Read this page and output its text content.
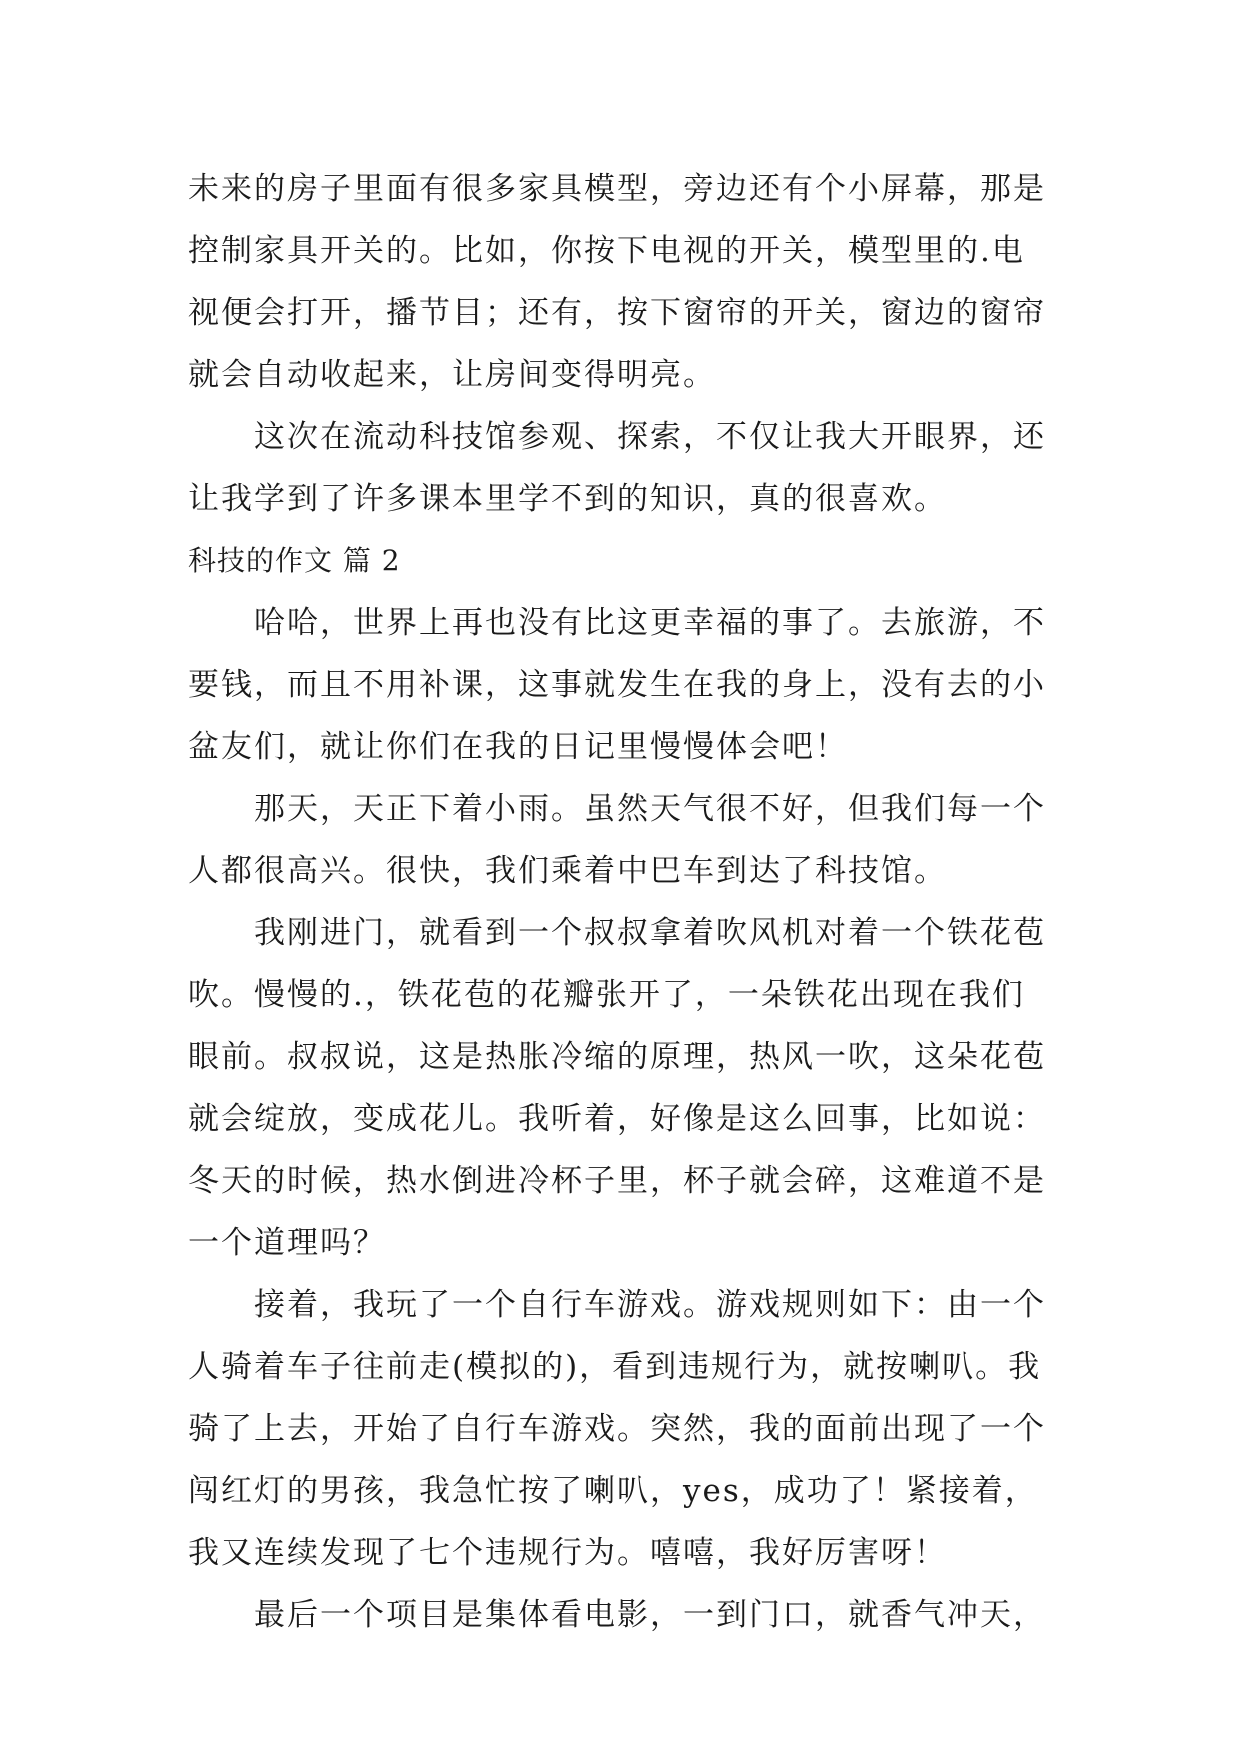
未来的房子里面有很多家具模型，旁边还有个小屏幕，那是
控制家具开关的。比如，你按下电视的开关，模型里的.电
视便会打开，播节目；还有，按下窗帘的开关，窗边的窗帘
就会自动收起来，让房间变得明亮。
这次在流动科技馆参观、探索，不仅让我大开眼界，还
让我学到了许多课本里学不到的知识，真的很喜欢。
科技的作文 篇 2
哈哈，世界上再也没有比这更幸福的事了。去旅游，不
要钱，而且不用补课，这事就发生在我的身上，没有去的小
盆友们，就让你们在我的日记里慢慢体会吧！
那天，天正下着小雨。虽然天气很不好，但我们每一个
人都很高兴。很快，我们乘着中巴车到达了科技馆。
我刚进门，就看到一个叔叔拿着吹风机对着一个铁花苞
吹。慢慢的.，铁花苞的花瓣张开了，一朵铁花出现在我们
眼前。叔叔说，这是热胀冷缩的原理，热风一吹，这朵花苞
就会绽放，变成花儿。我听着，好像是这么回事，比如说：
冬天的时候，热水倒进冷杯子里，杯子就会碎，这难道不是
一个道理吗？
接着，我玩了一个自行车游戏。游戏规则如下：由一个
人骑着车子往前走(模拟的)，看到违规行为，就按喇叭。我
骑了上去，开始了自行车游戏。突然，我的面前出现了一个
闯红灯的男孩，我急忙按了喇叭，yes，成功了！紧接着，
我又连续发现了七个违规行为。嘻嘻，我好厉害呀！
最后一个项目是集体看电影，一到门口，就香气冲天，
